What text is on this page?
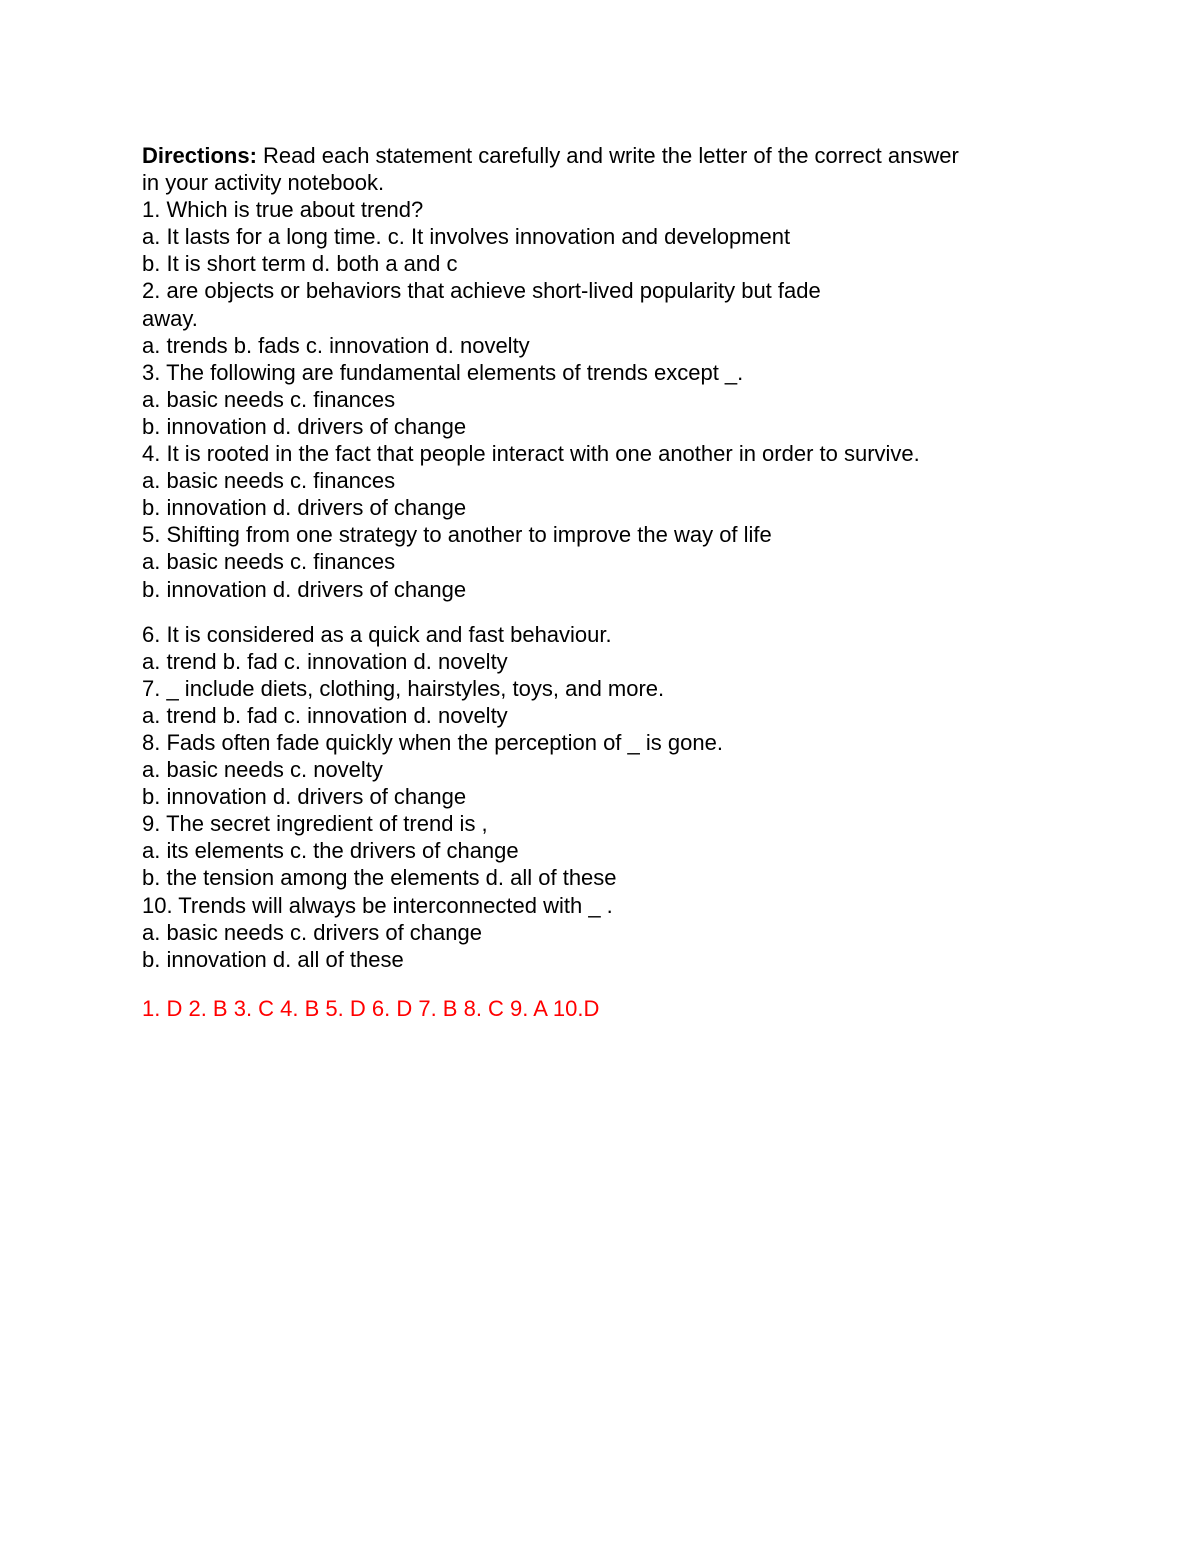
Directions: Read each statement carefully and write the letter of the correct answer
in your activity notebook.
1. Which is true about trend?
a. It lasts for a long time. c. It involves innovation and development
b. It is short term d. both a and c
2. are objects or behaviors that achieve short-lived popularity but fade
away.
a. trends b. fads c. innovation d. novelty
3. The following are fundamental elements of trends except _.
a. basic needs c. finances
b. innovation d. drivers of change
4. It is rooted in the fact that people interact with one another in order to survive.
a. basic needs c. finances
b. innovation d. drivers of change
5. Shifting from one strategy to another to improve the way of life
a. basic needs c. finances
b. innovation d. drivers of change
6. It is considered as a quick and fast behaviour.
a. trend b. fad c. innovation d. novelty
7. _ include diets, clothing, hairstyles, toys, and more.
a. trend b. fad c. innovation d. novelty
8. Fads often fade quickly when the perception of _ is gone.
a. basic needs c. novelty
b. innovation d. drivers of change
9. The secret ingredient of trend is ,
a. its elements c. the drivers of change
b. the tension among the elements d. all of these
10. Trends will always be interconnected with _ .
a. basic needs c. drivers of change
b. innovation d. all of these
1. D 2. B 3. C 4. B 5. D 6. D 7. B 8. C 9. A 10.D
